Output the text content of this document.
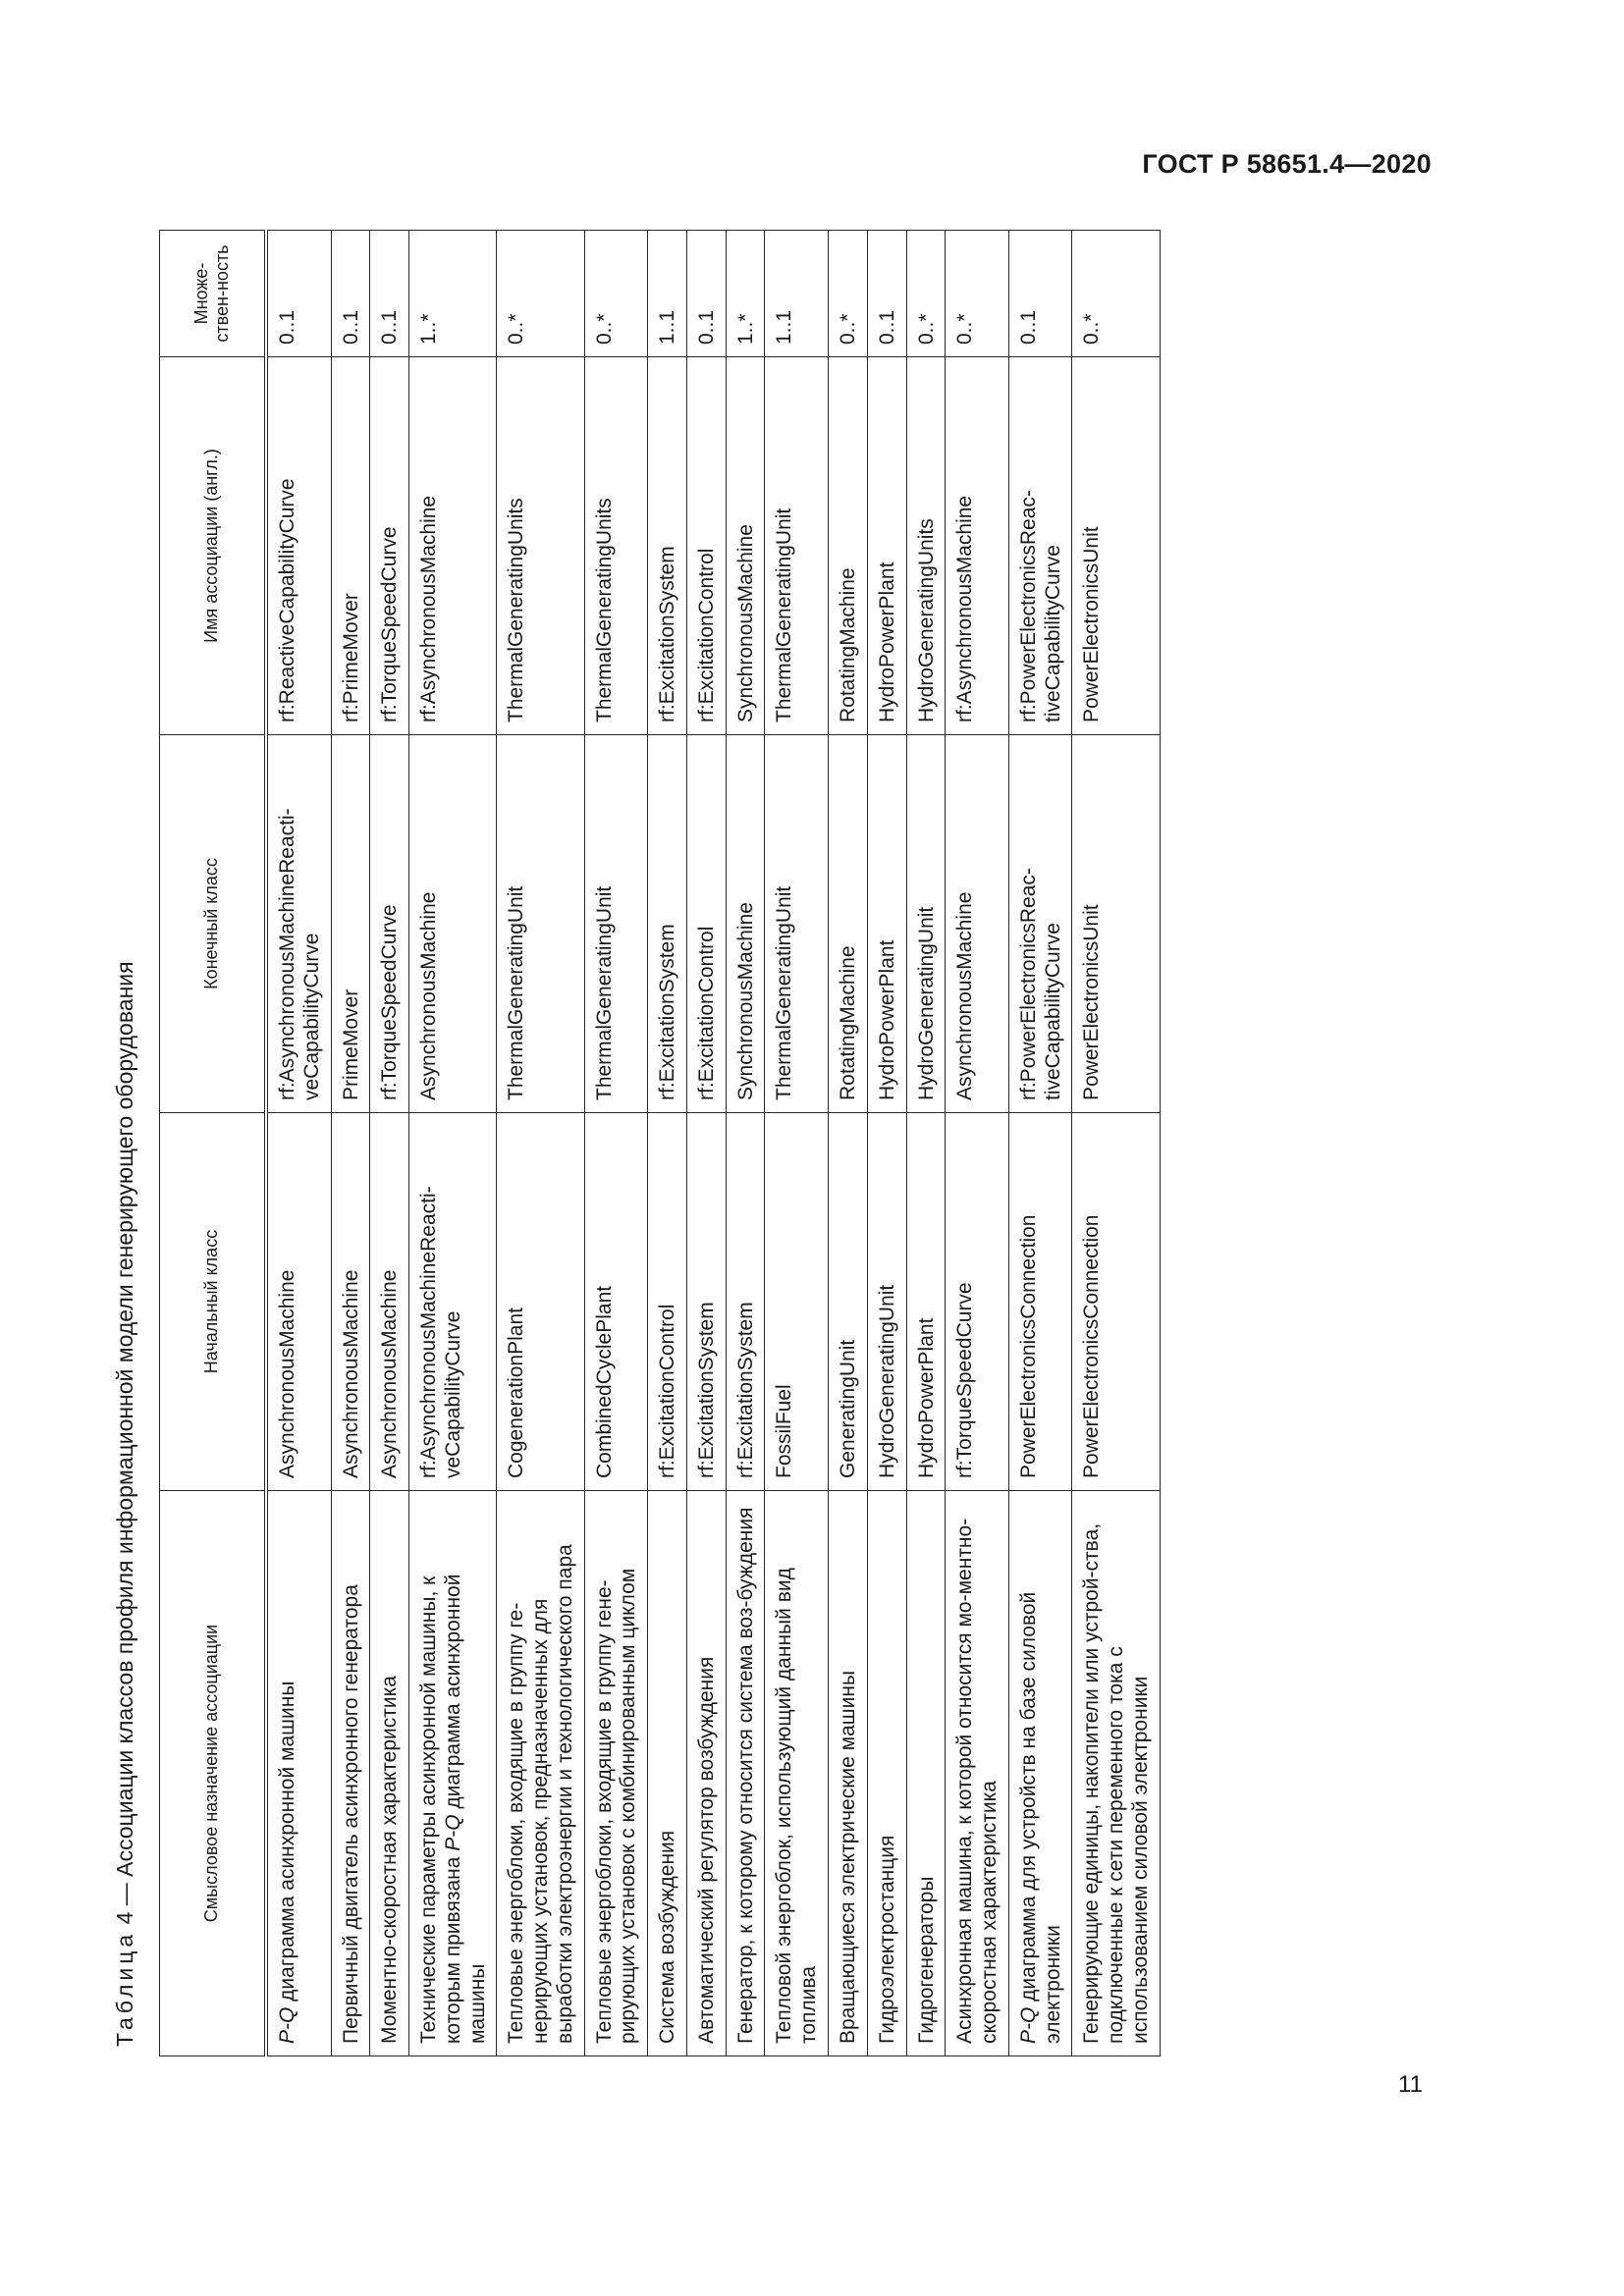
ГОСТ Р 58651.4—2020
Таблица 4 — Ассоциации классов профиля информационной модели генерирующего оборудования	Смысловое назначение ассоциации	Начальный класс	Конечный класс	Имя ассоциации (англ.)	Множе-ствен-ность
P-Q диаграмма асинхронной машины	AsynchronousMachine	rf:AsynchronousMachineReacti-veCapabilityCurve	rf:ReactiveCapabilityCurve	0..1
Первичный двигатель асинхронного генератора	AsynchronousMachine	PrimeMover	rf:PrimeMover	0..1
Моментно-скоростная характеристика	AsynchronousMachine	rf:TorqueSpeedCurve	rf:TorqueSpeedCurve	0..1
Технические параметры асинхронной машины, к которым привязана P-Q диаграмма асинхронной машины	rf:AsynchronousMachineReacti-veCapabilityCurve	AsynchronousMachine	rf:AsynchronousMachine	1..*
Тепловые энергоблоки, входящие в группу ге-нерирующих установок, предназначенных для выработки электроэнергии и технологического пара	CogenerationPlant	ThermalGeneratingUnit	ThermalGeneratingUnits	0..*
Тепловые энергоблоки, входящие в группу гене-рирующих установок с комбинированным циклом	CombinedCyclePlant	ThermalGeneratingUnit	ThermalGeneratingUnits	0..*
Система возбуждения	rf:ExcitationControl	rf:ExcitationSystem	rf:ExcitationSystem	1..1
Автоматический регулятор возбуждения	rf:ExcitationSystem	rf:ExcitationControl	rf:ExcitationControl	0..1
Генератор, к которому относится система воз-буждения	rf:ExcitationSystem	SynchronousMachine	SynchronousMachine	1..*
Тепловой энергоблок, использующий данный вид топлива	FossilFuel	ThermalGeneratingUnit	ThermalGeneratingUnit	1..1
Вращающиеся электрические машины	GeneratingUnit	RotatingMachine	RotatingMachine	0..*
Гидроэлектростанция	HydroGeneratingUnit	HydroPowerPlant	HydroPowerPlant	0..1
Гидрогенераторы	HydroPowerPlant	HydroGeneratingUnit	HydroGeneratingUnits	0..*
Асинхронная машина, к которой относится мо-ментно-скоростная характеристика	rf:TorqueSpeedCurve	AsynchronousMachine	rf:AsynchronousMachine	0..*
P-Q диаграмма для устройств на базе силовой электроники	PowerElectronicsConnection	rf:PowerElectronicsReac-tiveCapabilityCurve	rf:PowerElectronicsReac-tiveCapabilityCurve	0..1
Генерирующие единицы, накопители или устрой-ства, подключенные к сети переменного тока с использованием силовой электроники	PowerElectronicsConnection	PowerElectronicsUnit	PowerElectronicsUnit	0..*
11
